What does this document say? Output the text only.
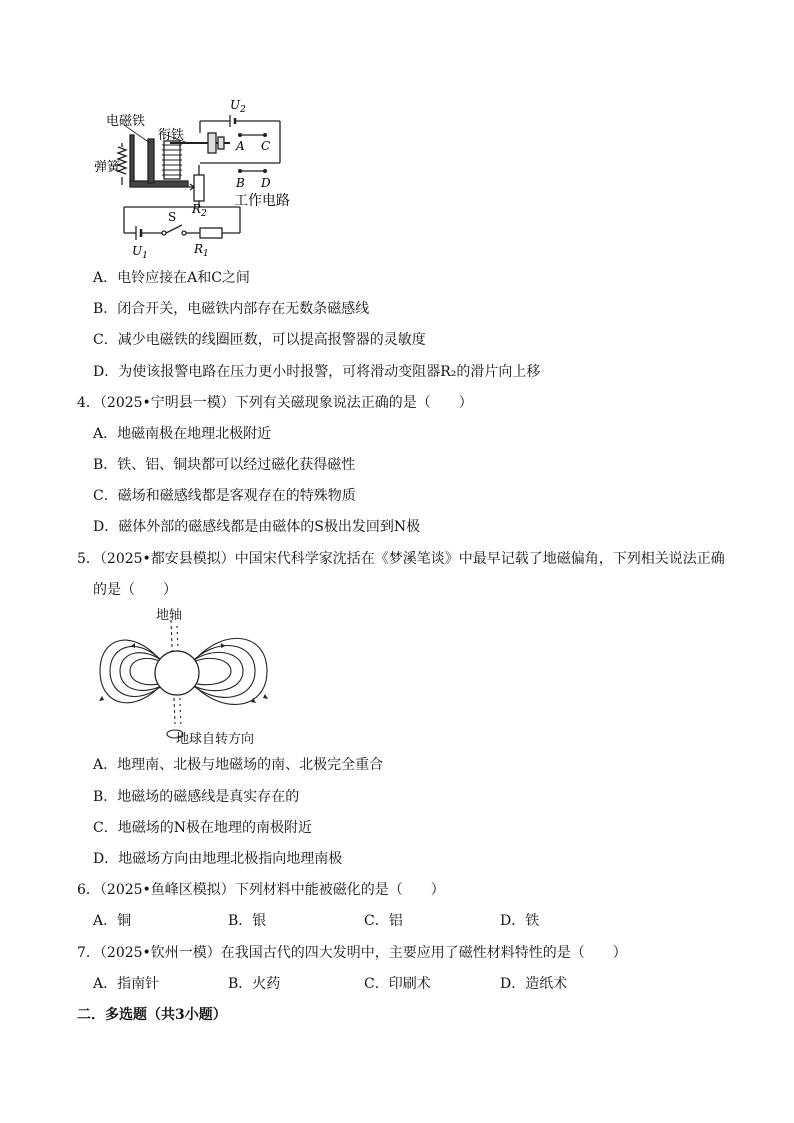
电磁铁
衔铁
弹簧
$U_2$
A C
B D
$R_2$
工作电路
S
$U_1$	$R_1$
A．电铃应接在A和C之间
B．闭合开关，电磁铁内部存在无数条磁感线
C．减少电磁铁的线圈匝数，可以提高报警器的灵敏度
D．为使该报警电路在压力更小时报警，可将滑动变阻器R₂的滑片向上移
4．（2025•宁明县一模）下列有关磁现象说法正确的是（　　）
A．地磁南极在地理北极附近
B．铁、铝、铜块都可以经过磁化获得磁性
C．磁场和磁感线都是客观存在的特殊物质
D．磁体外部的磁感线都是由磁体的S极出发回到N极
5．（2025•都安县模拟）中国宋代科学家沈括在《梦溪笔谈》中最早记载了地磁偏角，下列相关说法正确
的是（　　）
地轴
地球自转方向
A．地理南、北极与地磁场的南、北极完全重合
B．地磁场的磁感线是真实存在的
C．地磁场的N极在地理的南极附近
D．地磁场方向由地理北极指向地理南极
6．（2025•鱼峰区模拟）下列材料中能被磁化的是（　　）
A．铜	B．银	C．铝	D．铁
7．（2025•钦州一模）在我国古代的四大发明中，主要应用了磁性材料特性的是（　　）
A．指南针	B．火药	C．印刷术	D．造纸术
二．多选题（共3小题）
